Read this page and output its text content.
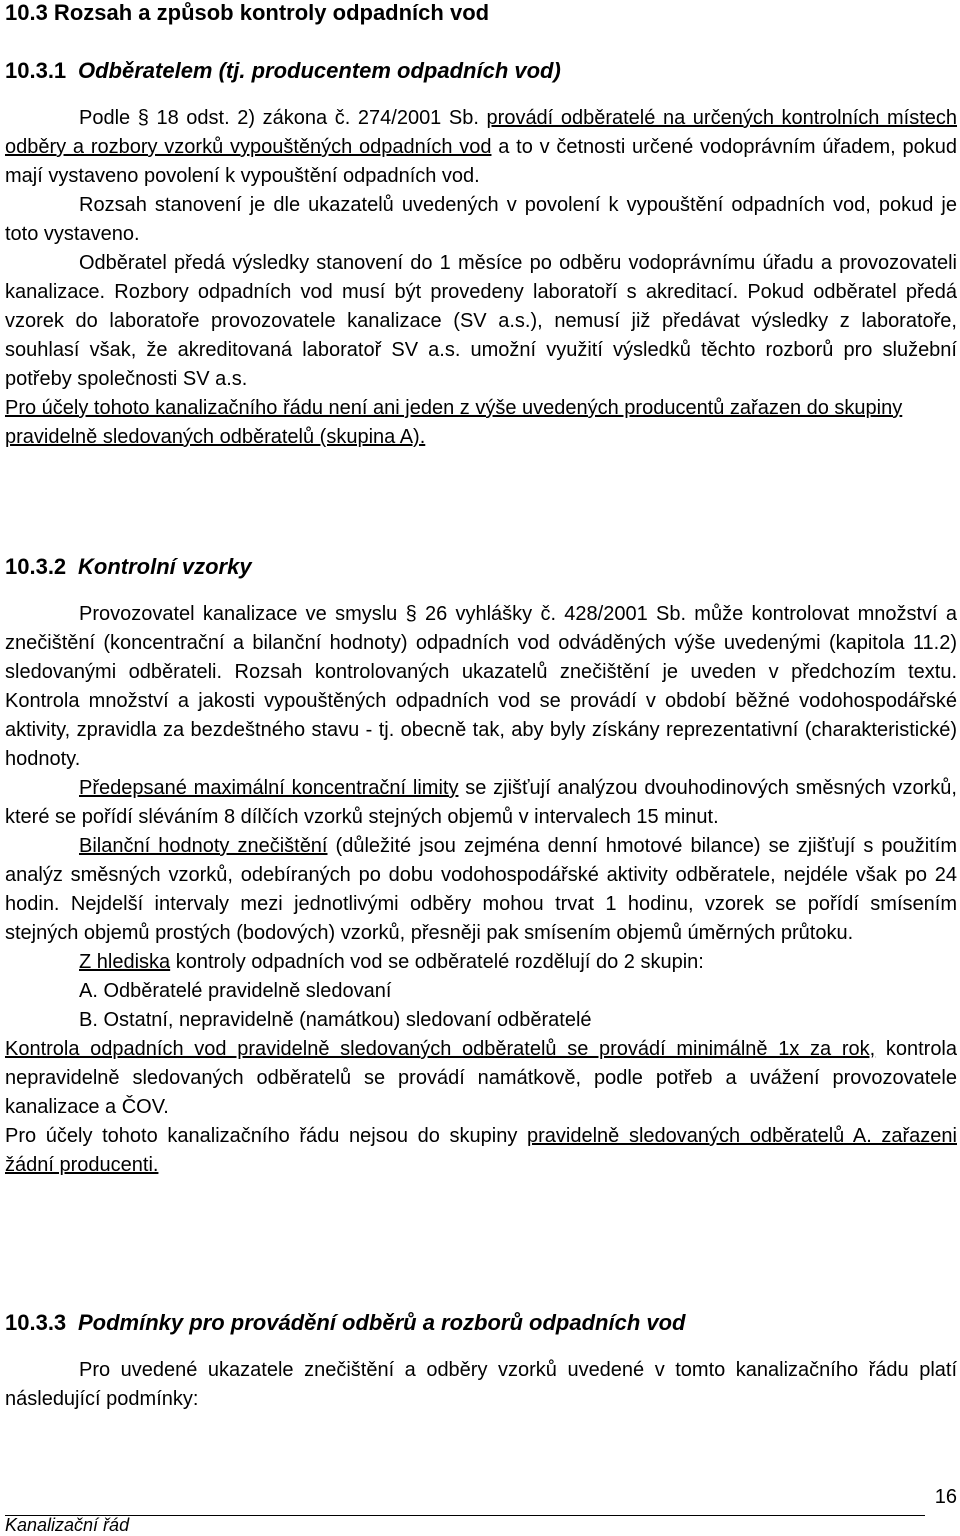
10.3 Rozsah a způsob kontroly odpadních vod
10.3.1 Odběratelem (tj. producentem odpadních vod)

Podle § 18 odst. 2) zákona č. 274/2001 Sb. provádí odběratelé na určených kontrolních místech odběry a rozbory vzorků vypouštěných odpadních vod a to v četnosti určené vodoprávním úřadem, pokud mají vystaveno povolení k vypouštění odpadních vod.

Rozsah stanovení je dle ukazatelů uvedených v povolení k vypouštění odpadních vod, pokud je toto vystaveno.

Odběratel předá výsledky stanovení do 1 měsíce po odběru vodoprávnímu úřadu a provozovateli kanalizace. Rozbory odpadních vod musí být provedeny laboratoří s akreditací. Pokud odběratel předá vzorek do laboratoře provozovatele kanalizace (SV a.s.), nemusí již předávat výsledky z laboratoře, souhlasí však, že akreditovaná laboratoř SV a.s. umožní využití výsledků těchto rozborů pro služební potřeby společnosti SV a.s.

Pro účely tohoto kanalizačního řádu není ani jeden z výše uvedených producentů zařazen do skupiny pravidelně sledovaných odběratelů (skupina A).

10.3.2 Kontrolní vzorky

Provozovatel kanalizace ve smyslu § 26 vyhlášky č. 428/2001 Sb. může kontrolovat množství a znečištění (koncentrační a bilanční hodnoty) odpadních vod odváděných výše uvedenými (kapitola 11.2) sledovanými odběrateli. Rozsah kontrolovaných ukazatelů znečištění je uveden v předchozím textu. Kontrola množství a jakosti vypouštěných odpadních vod se provádí v období běžné vodohospodářské aktivity, zpravidla za bezdeštného stavu - tj. obecně tak, aby byly získány reprezentativní (charakteristické) hodnoty.

Předepsané maximální koncentrační limity se zjišťují analýzou dvouhodinových směsných vzorků, které se pořídí sléváním 8 dílčích vzorků stejných objemů v intervalech 15 minut.

Bilanční hodnoty znečištění (důležité jsou zejména denní hmotové bilance) se zjišťují s použitím analýz směsných vzorků, odebíraných po dobu vodohospodářské aktivity odběratele, nejdéle však po 24 hodin. Nejdelší intervaly mezi jednotlivými odběry mohou trvat 1 hodinu, vzorek se pořídí smísením stejných objemů prostých (bodových) vzorků, přesněji pak smísením objemů úměrných průtoku.

Z hlediska kontroly odpadních vod se odběratelé rozdělují do 2 skupin:

A. Odběratelé pravidelně sledovaní

B. Ostatní, nepravidelně (namátkou) sledovaní odběratelé

Kontrola odpadních vod pravidelně sledovaných odběratelů se provádí minimálně 1x za rok, kontrola nepravidelně sledovaných odběratelů se provádí namátkově, podle potřeb a uvážení provozovatele kanalizace a ČOV.

Pro účely tohoto kanalizačního řádu nejsou do skupiny pravidelně sledovaných odběratelů A. zařazeni žádní producenti.

10.3.3 Podmínky pro provádění odběrů a rozborů odpadních vod

Pro uvedené ukazatele znečištění a odběry vzorků uvedené v tomto kanalizačního řádu platí následující podmínky:

Kanalizační řád
16
